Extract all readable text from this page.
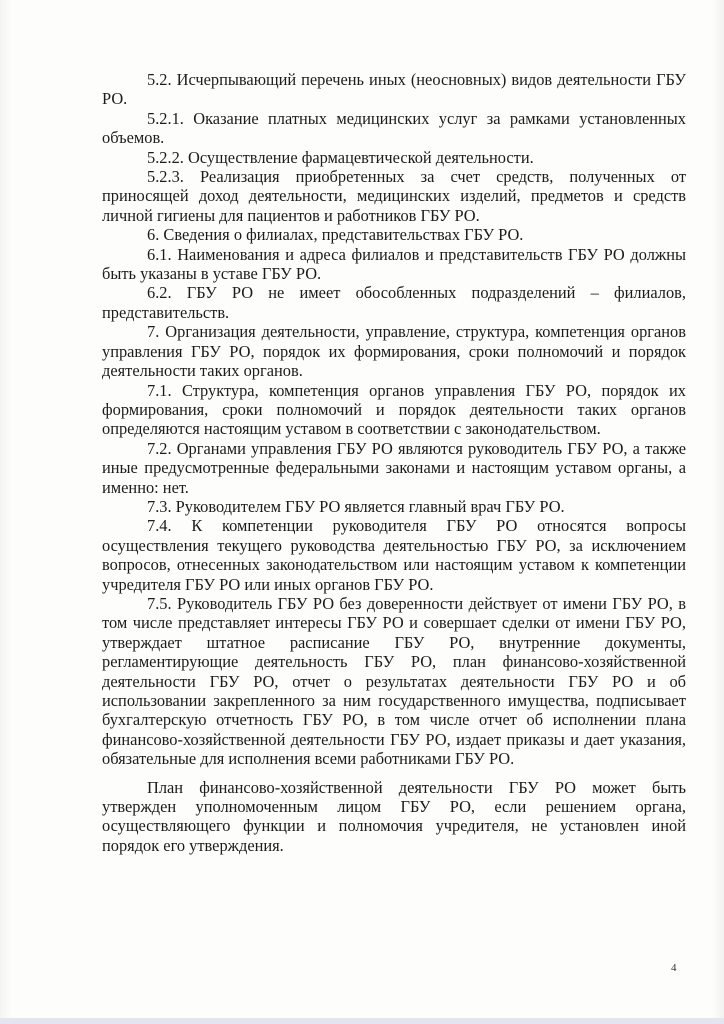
5.2. Исчерпывающий перечень иных (неосновных) видов деятельности ГБУ РО.

5.2.1. Оказание платных медицинских услуг за рамками установленных объемов.

5.2.2. Осуществление фармацевтической деятельности.

5.2.3. Реализация приобретенных за счет средств, полученных от приносящей доход деятельности, медицинских изделий, предметов и средств личной гигиены для пациентов и работников ГБУ РО.

6. Сведения о филиалах, представительствах ГБУ РО.

6.1. Наименования и адреса филиалов и представительств ГБУ РО должны быть указаны в уставе ГБУ РО.

6.2. ГБУ РО не имеет обособленных подразделений – филиалов, представительств.

7. Организация деятельности, управление, структура, компетенция органов управления ГБУ РО, порядок их формирования, сроки полномочий и порядок деятельности таких органов.

7.1. Структура, компетенция органов управления ГБУ РО, порядок их формирования, сроки полномочий и порядок деятельности таких органов определяются настоящим уставом в соответствии с законодательством.

7.2. Органами управления ГБУ РО являются руководитель ГБУ РО, а также иные предусмотренные федеральными законами и настоящим уставом органы, а именно: нет.

7.3. Руководителем ГБУ РО является главный врач ГБУ РО.

7.4. К компетенции руководителя ГБУ РО относятся вопросы осуществления текущего руководства деятельностью ГБУ РО, за исключением вопросов, отнесенных законодательством или настоящим уставом к компетенции учредителя ГБУ РО или иных органов ГБУ РО.

7.5. Руководитель ГБУ РО без доверенности действует от имени ГБУ РО, в том числе представляет интересы ГБУ РО и совершает сделки от имени ГБУ РО, утверждает штатное расписание ГБУ РО, внутренние документы, регламентирующие деятельность ГБУ РО, план финансово-хозяйственной деятельности ГБУ РО, отчет о результатах деятельности ГБУ РО и об использовании закрепленного за ним государственного имущества, подписывает бухгалтерскую отчетность ГБУ РО, в том числе отчет об исполнении плана финансово-хозяйственной деятельности ГБУ РО, издает приказы и дает указания, обязательные для исполнения всеми работниками ГБУ РО.

План финансово-хозяйственной деятельности ГБУ РО может быть утвержден уполномоченным лицом ГБУ РО, если решением органа, осуществляющего функции и полномочия учредителя, не установлен иной порядок его утверждения.

4
